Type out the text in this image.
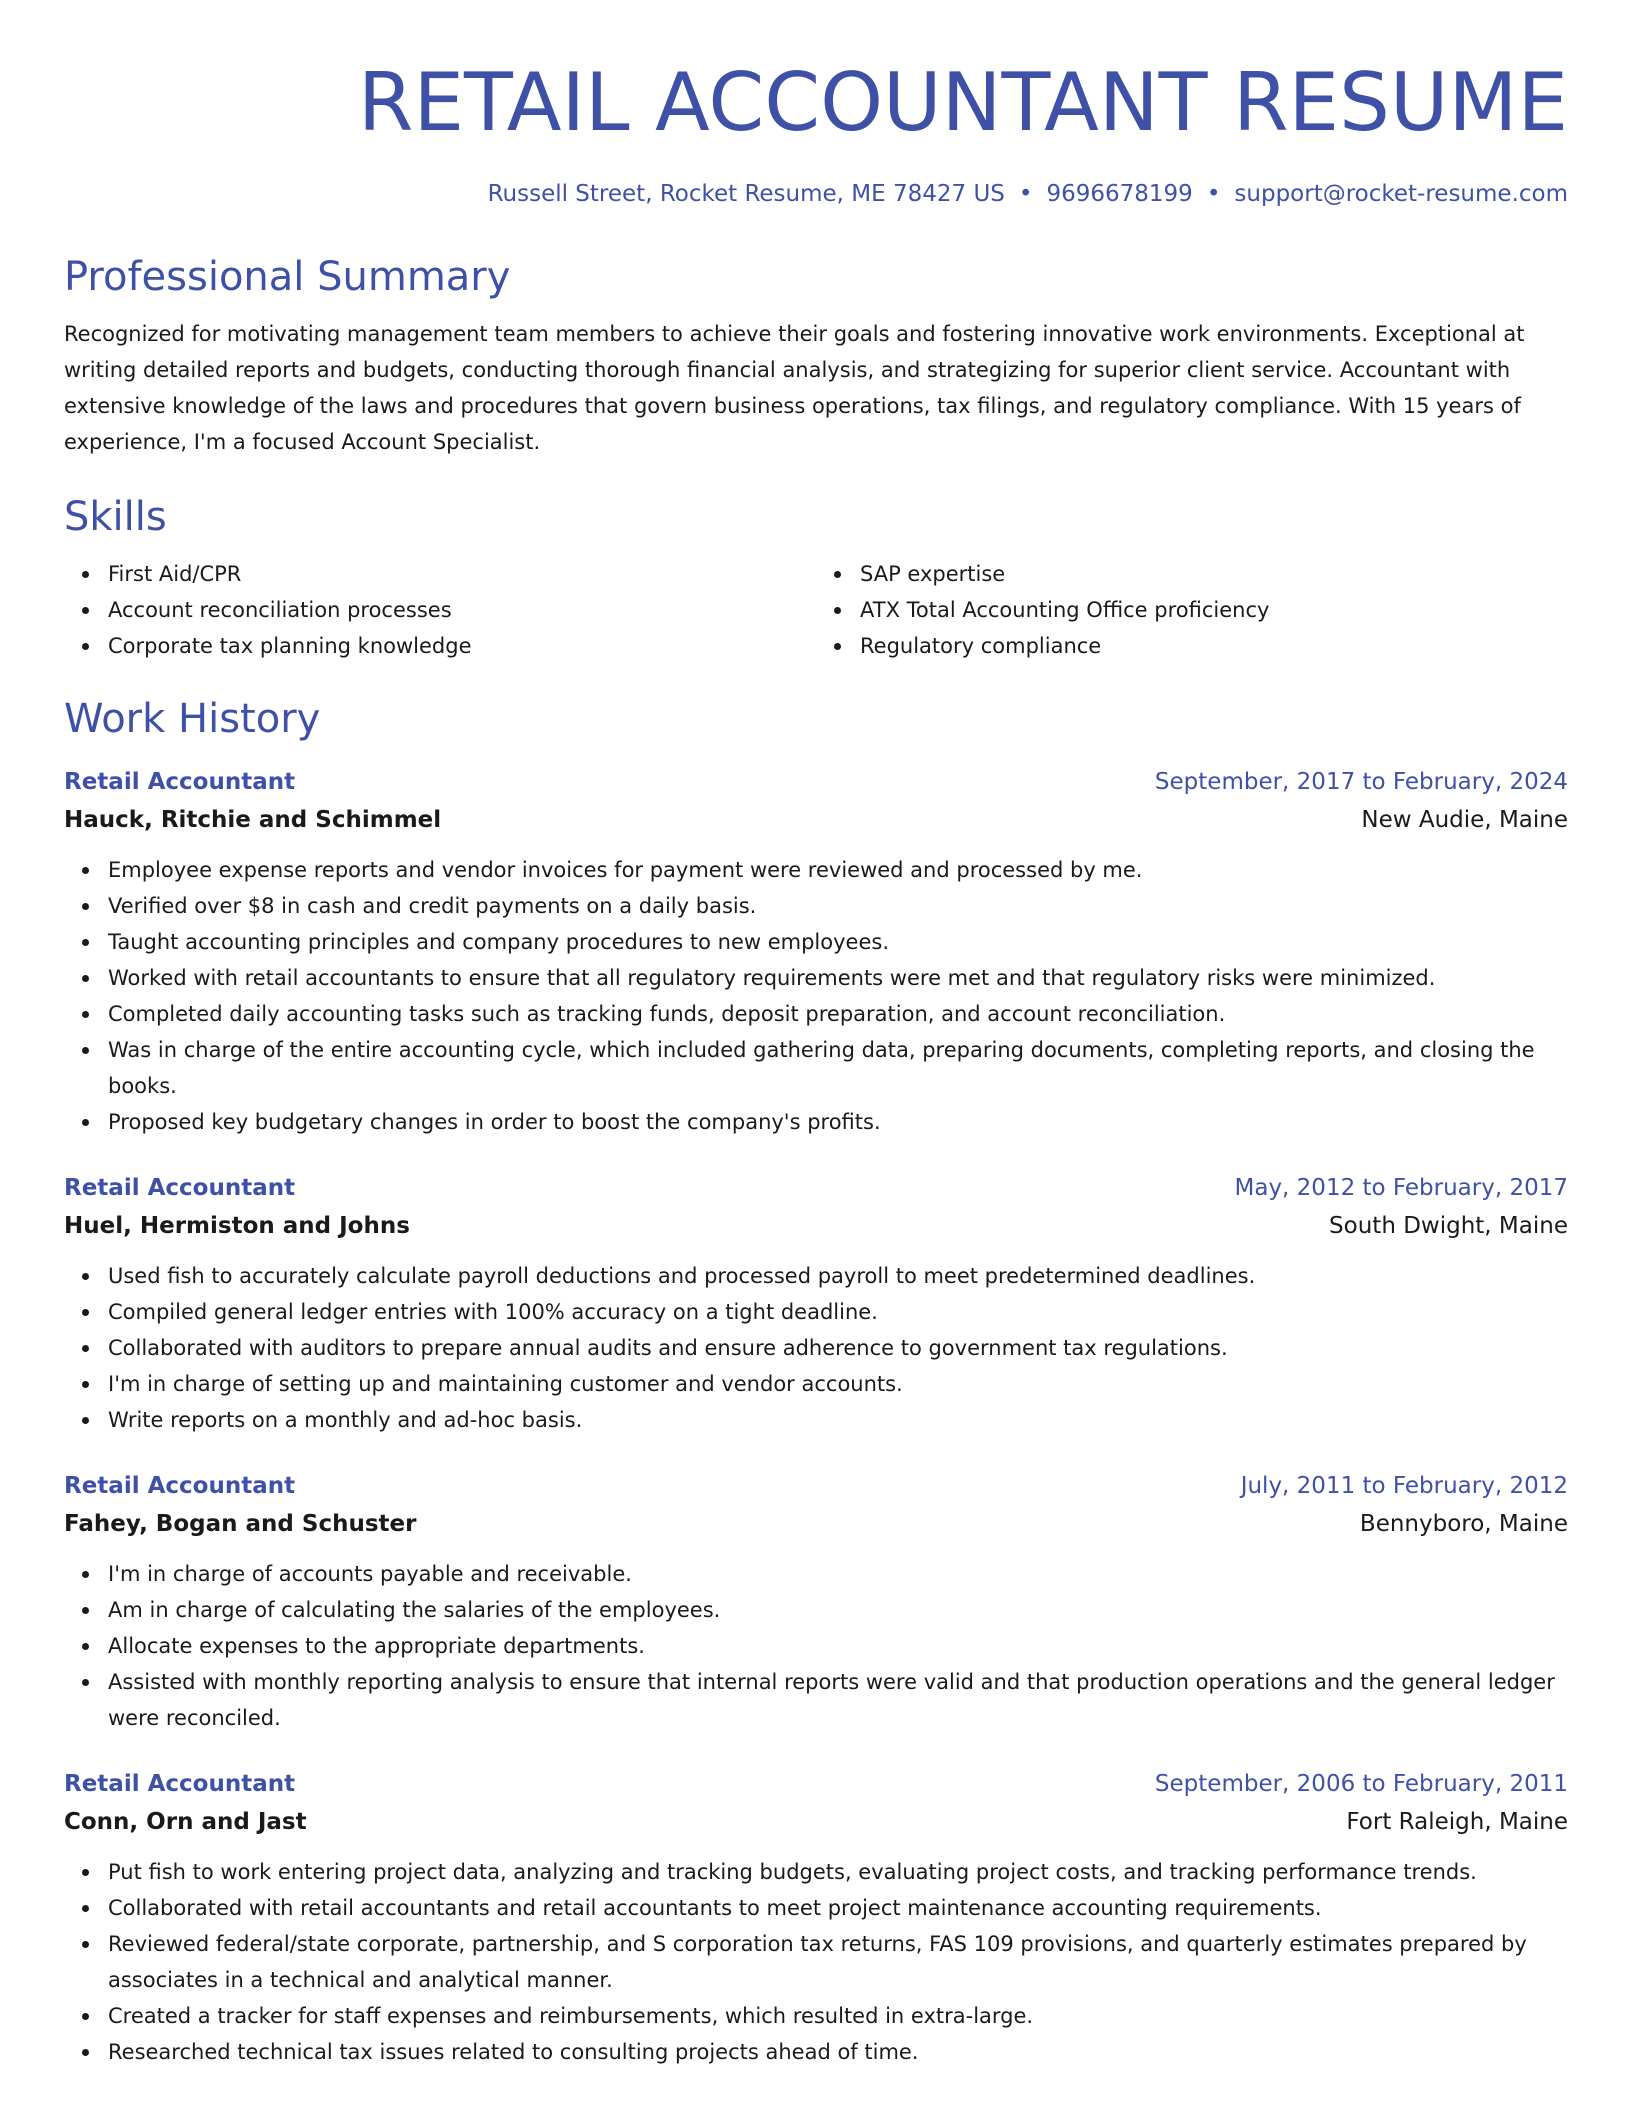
RETAIL ACCOUNTANT RESUME
Russell Street, Rocket Resume, ME 78427 US • 9696678199 • support@rocket-resume.com
Professional Summary
Recognized for motivating management team members to achieve their goals and fostering innovative work environments. Exceptional at writing detailed reports and budgets, conducting thorough financial analysis, and strategizing for superior client service. Accountant with extensive knowledge of the laws and procedures that govern business operations, tax filings, and regulatory compliance. With 15 years of experience, I'm a focused Account Specialist.
Skills
First Aid/CPR
Account reconciliation processes
Corporate tax planning knowledge
SAP expertise
ATX Total Accounting Office proficiency
Regulatory compliance
Work History
Retail Accountant	September, 2017 to February, 2024
Hauck, Ritchie and Schimmel	New Audie, Maine
Employee expense reports and vendor invoices for payment were reviewed and processed by me.
Verified over $8 in cash and credit payments on a daily basis.
Taught accounting principles and company procedures to new employees.
Worked with retail accountants to ensure that all regulatory requirements were met and that regulatory risks were minimized.
Completed daily accounting tasks such as tracking funds, deposit preparation, and account reconciliation.
Was in charge of the entire accounting cycle, which included gathering data, preparing documents, completing reports, and closing the books.
Proposed key budgetary changes in order to boost the company's profits.
Retail Accountant	May, 2012 to February, 2017
Huel, Hermiston and Johns	South Dwight, Maine
Used fish to accurately calculate payroll deductions and processed payroll to meet predetermined deadlines.
Compiled general ledger entries with 100% accuracy on a tight deadline.
Collaborated with auditors to prepare annual audits and ensure adherence to government tax regulations.
I'm in charge of setting up and maintaining customer and vendor accounts.
Write reports on a monthly and ad-hoc basis.
Retail Accountant	July, 2011 to February, 2012
Fahey, Bogan and Schuster	Bennyboro, Maine
I'm in charge of accounts payable and receivable.
Am in charge of calculating the salaries of the employees.
Allocate expenses to the appropriate departments.
Assisted with monthly reporting analysis to ensure that internal reports were valid and that production operations and the general ledger were reconciled.
Retail Accountant	September, 2006 to February, 2011
Conn, Orn and Jast	Fort Raleigh, Maine
Put fish to work entering project data, analyzing and tracking budgets, evaluating project costs, and tracking performance trends.
Collaborated with retail accountants and retail accountants to meet project maintenance accounting requirements.
Reviewed federal/state corporate, partnership, and S corporation tax returns, FAS 109 provisions, and quarterly estimates prepared by associates in a technical and analytical manner.
Created a tracker for staff expenses and reimbursements, which resulted in extra-large.
Researched technical tax issues related to consulting projects ahead of time.
